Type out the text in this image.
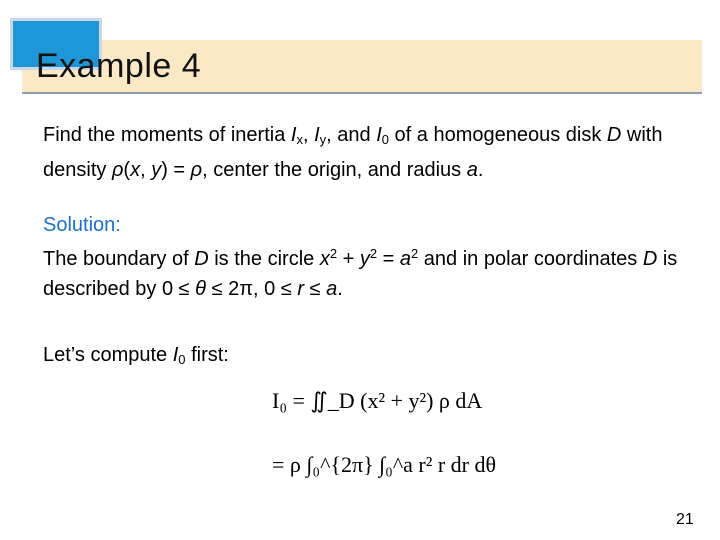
Example 4
Find the moments of inertia $I_x$, $I_y$, and $I_0$ of a homogeneous disk D with density ρ(x, y) = ρ, center the origin, and radius a.
Solution:
The boundary of D is the circle $x^2 + y^2 = a^2$ and in polar coordinates D is described by 0 ≤ θ ≤ 2π, 0 ≤ r ≤ a.
Let’s compute $I_0$ first:
I₀ = ∬_D (x² + y²) ρ dA
= ρ ∫₀^{2π} ∫₀^a r² r dr dθ
21
